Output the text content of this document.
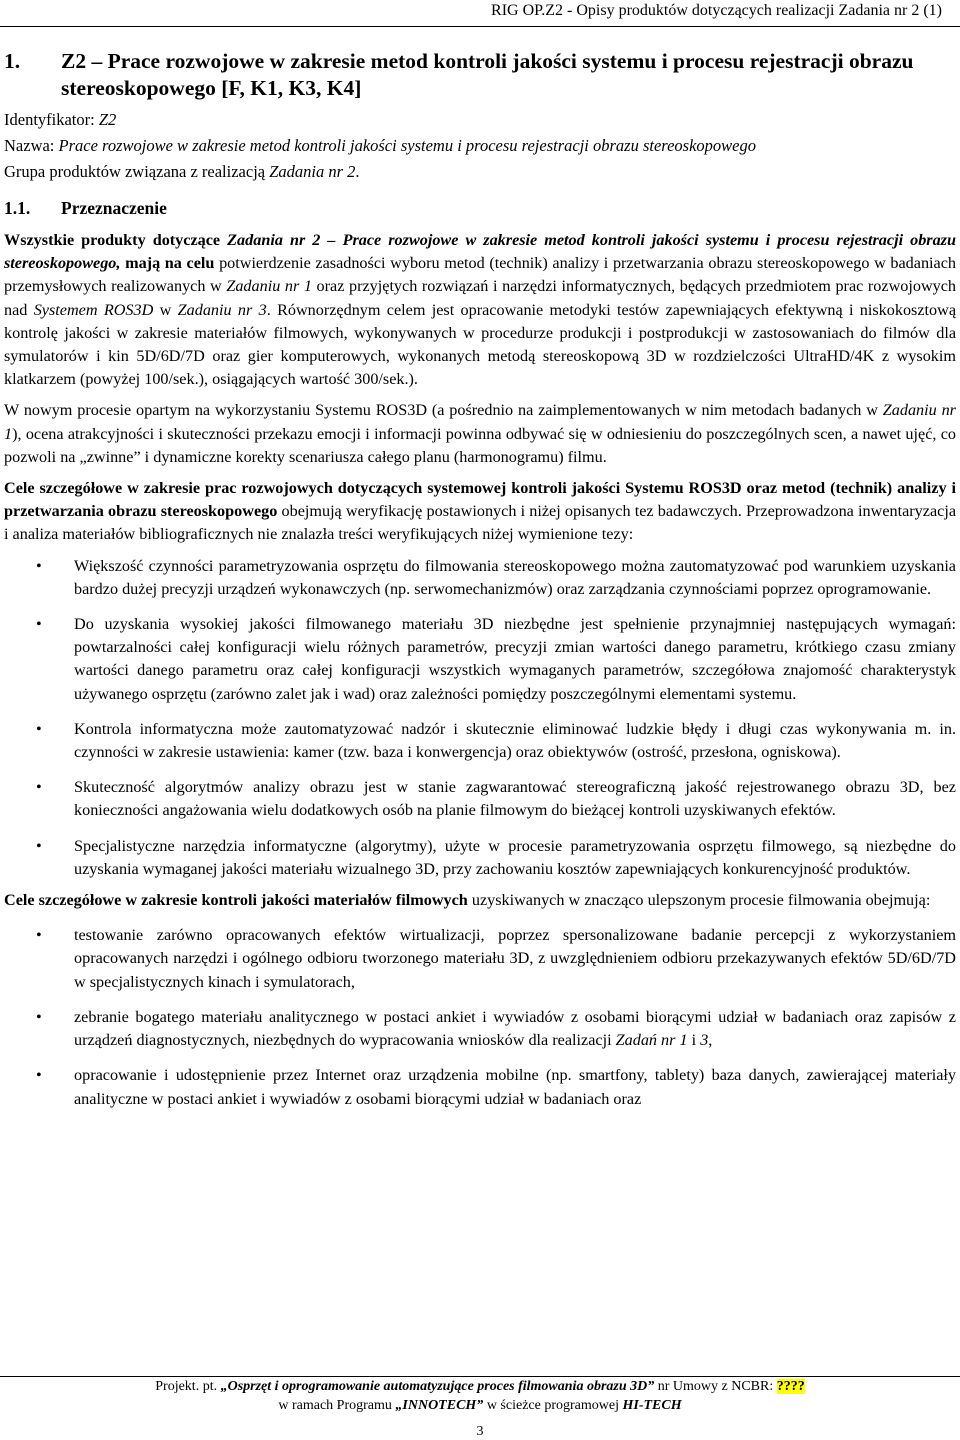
RIG OP.Z2 - Opisy produktów dotyczących realizacji Zadania nr 2 (1)
1. Z2 – Prace rozwojowe w zakresie metod kontroli jakości systemu i procesu rejestracji obrazu stereoskopowego [F, K1, K3, K4]
Identyfikator: Z2
Nazwa: Prace rozwojowe w zakresie metod kontroli jakości systemu i procesu rejestracji obrazu stereoskopowego
Grupa produktów związana z realizacją Zadania nr 2.
1.1. Przeznaczenie

Wszystkie produkty dotyczące Zadania nr 2 – Prace rozwojowe w zakresie metod kontroli jakości systemu i procesu rejestracji obrazu stereoskopowego, mają na celu potwierdzenie zasadności wyboru metod (technik) analizy i przetwarzania obrazu stereoskopowego w badaniach przemysłowych realizowanych w Zadaniu nr 1 oraz przyjętych rozwiązań i narzędzi informatycznych, będących przedmiotem prac rozwojowych nad Systemem ROS3D w Zadaniu nr 3. Równorzędnym celem jest opracowanie metodyki testów zapewniających efektywną i niskokosztową kontrolę jakości w zakresie materiałów filmowych, wykonywanych w procedurze produkcji i postprodukcji w zastosowaniach do filmów dla symulatorów i kin 5D/6D/7D oraz gier komputerowych, wykonanych metodą stereoskopową 3D w rozdzielczości UltraHD/4K z wysokim klatkarzem (powyżej 100/sek.), osiągających wartość 300/sek.).

W nowym procesie opartym na wykorzystaniu Systemu ROS3D (a pośrednio na zaimplementowanych w nim metodach badanych w Zadaniu nr 1), ocena atrakcyjności i skuteczności przekazu emocji i informacji powinna odbywać się w odniesieniu do poszczególnych scen, a nawet ujęć, co pozwoli na „zwinne” i dynamiczne korekty scenariusza całego planu (harmonogramu) filmu.

Cele szczegółowe w zakresie prac rozwojowych dotyczących systemowej kontroli jakości Systemu ROS3D oraz metod (technik) analizy i przetwarzania obrazu stereoskopowego obejmują weryfikację postawionych i niżej opisanych tez badawczych. Przeprowadzona inwentaryzacja i analiza materiałów bibliograficznych nie znalazła treści weryfikujących niżej wymienione tezy:

• Większość czynności parametryzowania osprzętu do filmowania stereoskopowego można zautomatyzować pod warunkiem uzyskania bardzo dużej precyzji urządzeń wykonawczych (np. serwomechanizmów) oraz zarządzania czynnościami poprzez oprogramowanie.
• Do uzyskania wysokiej jakości filmowanego materiału 3D niezbędne jest spełnienie przynajmniej następujących wymagań: powtarzalności całej konfiguracji wielu różnych parametrów, precyzji zmian wartości danego parametru, krótkiego czasu zmiany wartości danego parametru oraz całej konfiguracji wszystkich wymaganych parametrów, szczegółowa znajomość charakterystyk używanego osprzętu (zarówno zalet jak i wad) oraz zależności pomiędzy poszczególnymi elementami systemu.
• Kontrola informatyczna może zautomatyzować nadzór i skutecznie eliminować ludzkie błędy i długi czas wykonywania m. in. czynności w zakresie ustawienia: kamer (tzw. baza i konwergencja) oraz obiektywów (ostrość, przesłona, ogniskowa).
• Skuteczność algorytmów analizy obrazu jest w stanie zagwarantować stereograficzną jakość rejestrowanego obrazu 3D, bez konieczności angażowania wielu dodatkowych osób na planie filmowym do bieżącej kontroli uzyskiwanych efektów.
• Specjalistyczne narzędzia informatyczne (algorytmy), użyte w procesie parametryzowania osprzętu filmowego, są niezbędne do uzyskania wymaganej jakości materiału wizualnego 3D, przy zachowaniu kosztów zapewniających konkurencyjność produktów.

Cele szczegółowe w zakresie kontroli jakości materiałów filmowych uzyskiwanych w znacząco ulepszonym procesie filmowania obejmują:

• testowanie zarówno opracowanych efektów wirtualizacji, poprzez spersonalizowane badanie percepcji z wykorzystaniem opracowanych narzędzi i ogólnego odbioru tworzonego materiału 3D, z uwzględnieniem odbioru przekazywanych efektów 5D/6D/7D w specjalistycznych kinach i symulatorach,
• zebranie bogatego materiału analitycznego w postaci ankiet i wywiadów z osobami biorącymi udział w badaniach oraz zapisów z urządzeń diagnostycznych, niezbędnych do wypracowania wniosków dla realizacji Zadań nr 1 i 3,
• opracowanie i udostępnienie przez Internet oraz urządzenia mobilne (np. smartfony, tablety) baza danych, zawierającej materiały analityczne w postaci ankiet i wywiadów z osobami biorącymi udział w badaniach oraz
Projekt. pt. „Osprzęt i oprogramowanie automatyzujące proces filmowania obrazu 3D” nr Umowy z NCBR: ????
w ramach Programu „INNOTECH” w ścieżce programowej HI-TECH
3
